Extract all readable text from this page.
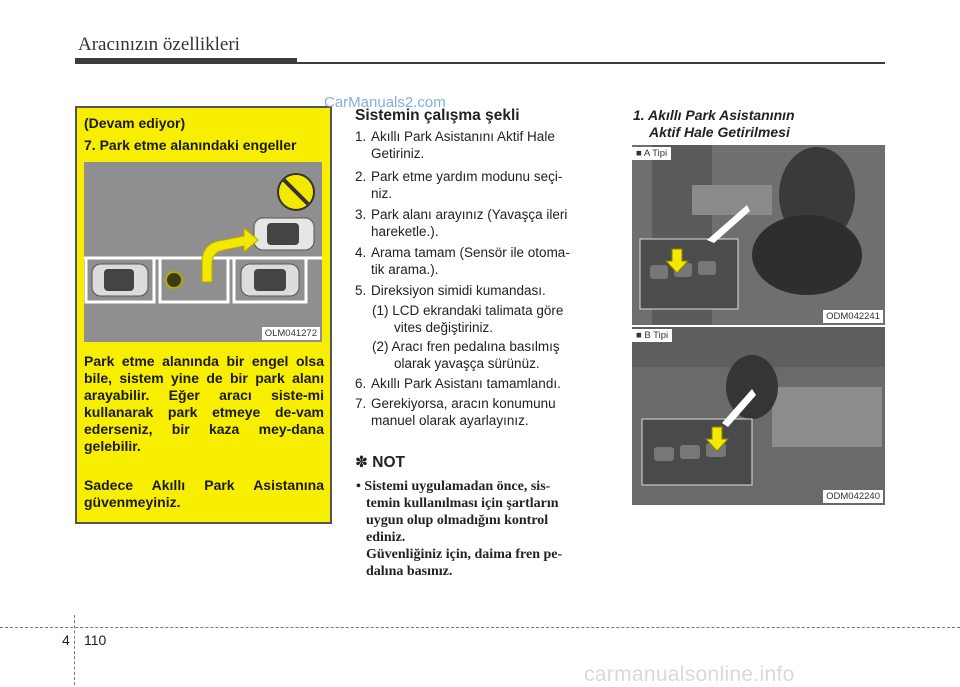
Aracınızın özellikleri
(Devam ediyor)
7. Park etme alanındaki engeller
OLM041272
Park etme alanında bir engel olsa bile, sistem yine de bir park alanı arayabilir. Eğer aracı siste-mi kullanarak park etmeye de-vam ederseniz, bir kaza mey-dana gelebilir.
Sadece Akıllı Park Asistanına güvenmeyiniz.
CarManuals2.com
Sistemin çalışma şekli
1. Akıllı Park Asistanını Aktif Hale
Getiriniz.
2. Park etme yardım modunu seçi-
niz.
3. Park alanı arayınız (Yavaşça ileri
hareketle.).
4. Arama tamam (Sensör ile otoma-
tik arama.).
5. Direksiyon simidi kumandası.
(1) LCD ekrandaki talimata göre
vites değiştiriniz.
(2) Aracı fren pedalına basılmış
olarak yavaşça sürünüz.
6. Akıllı Park Asistanı tamamlandı.
7. Gerekiyorsa, aracın konumunu
manuel olarak ayarlayınız.
✽ NOT
• Sistemi uygulamadan önce, sis-
temin kullanılması için şartların
uygun olup olmadığını kontrol
ediniz.
Güvenliğiniz için, daima fren pe-
dalına basınız.
1. Akıllı Park Asistanının
Aktif Hale Getirilmesi
■ A Tipi
ODM042241
■ B Tipi
ODM042240
4 110
carmanualsonline.info
